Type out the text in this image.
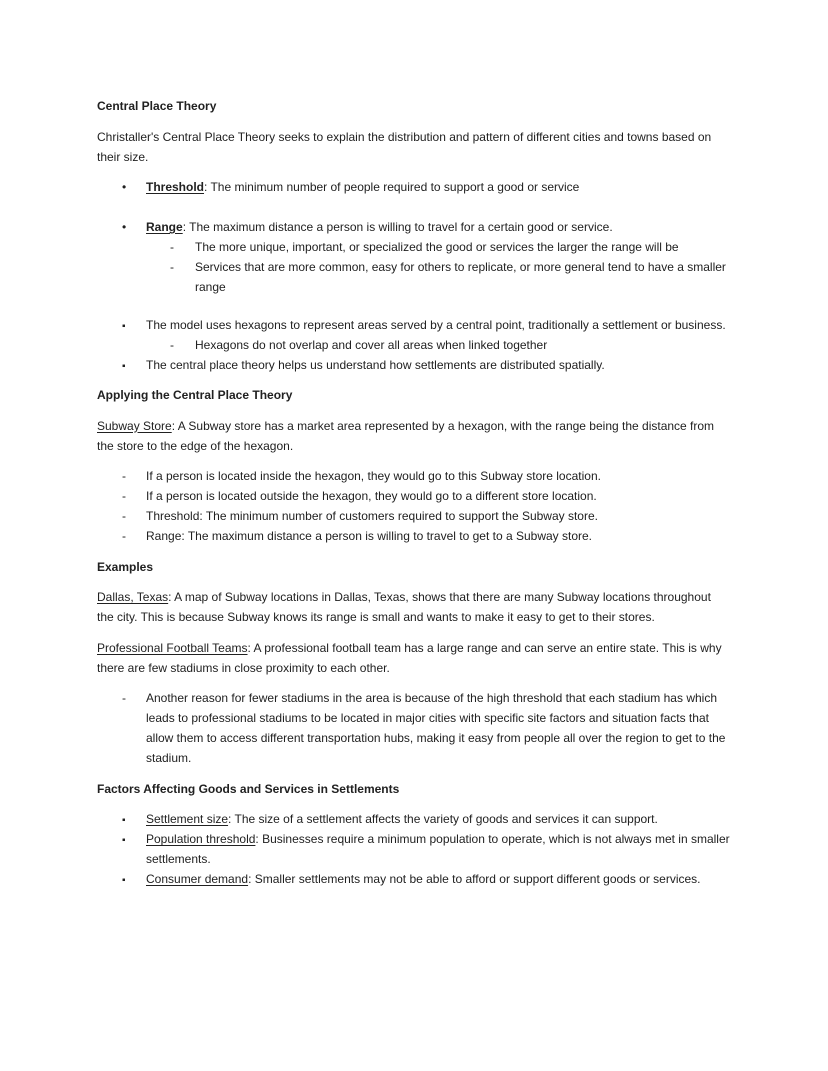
Central Place Theory

Christaller's Central Place Theory seeks to explain the distribution and pattern of different cities and towns based on their size.

•
Threshold: The minimum number of people required to support a good or service
•
Range: The maximum distance a person is willing to travel for a certain good or service.
-
The more unique, important, or specialized the good or services the larger the range will be
-
Services that are more common, easy for others to replicate, or more general tend to have a smaller range
▪
The model uses hexagons to represent areas served by a central point, traditionally a settlement or business.
-
Hexagons do not overlap and cover all areas when linked together
▪
The central place theory helps us understand how settlements are distributed spatially.
Applying the Central Place Theory

Subway Store: A Subway store has a market area represented by a hexagon, with the range being the distance from the store to the edge of the hexagon.

-
If a person is located inside the hexagon, they would go to this Subway store location.
-
If a person is located outside the hexagon, they would go to a different store location.
-
Threshold: The minimum number of customers required to support the Subway store.
-
Range: The maximum distance a person is willing to travel to get to a Subway store.
Examples

Dallas, Texas: A map of Subway locations in Dallas, Texas, shows that there are many Subway locations throughout the city. This is because Subway knows its range is small and wants to make it easy to get to their stores.

Professional Football Teams: A professional football team has a large range and can serve an entire state. This is why there are few stadiums in close proximity to each other.

-
Another reason for fewer stadiums in the area is because of the high threshold that each stadium has which leads to professional stadiums to be located in major cities with specific site factors and situation facts that allow them to access different transportation hubs, making it easy from people all over the region to get to the stadium.
Factors Affecting Goods and Services in Settlements
▪
Settlement size: The size of a settlement affects the variety of goods and services it can support.
▪
Population threshold: Businesses require a minimum population to operate, which is not always met in smaller settlements.
▪
Consumer demand: Smaller settlements may not be able to afford or support different goods or services.
